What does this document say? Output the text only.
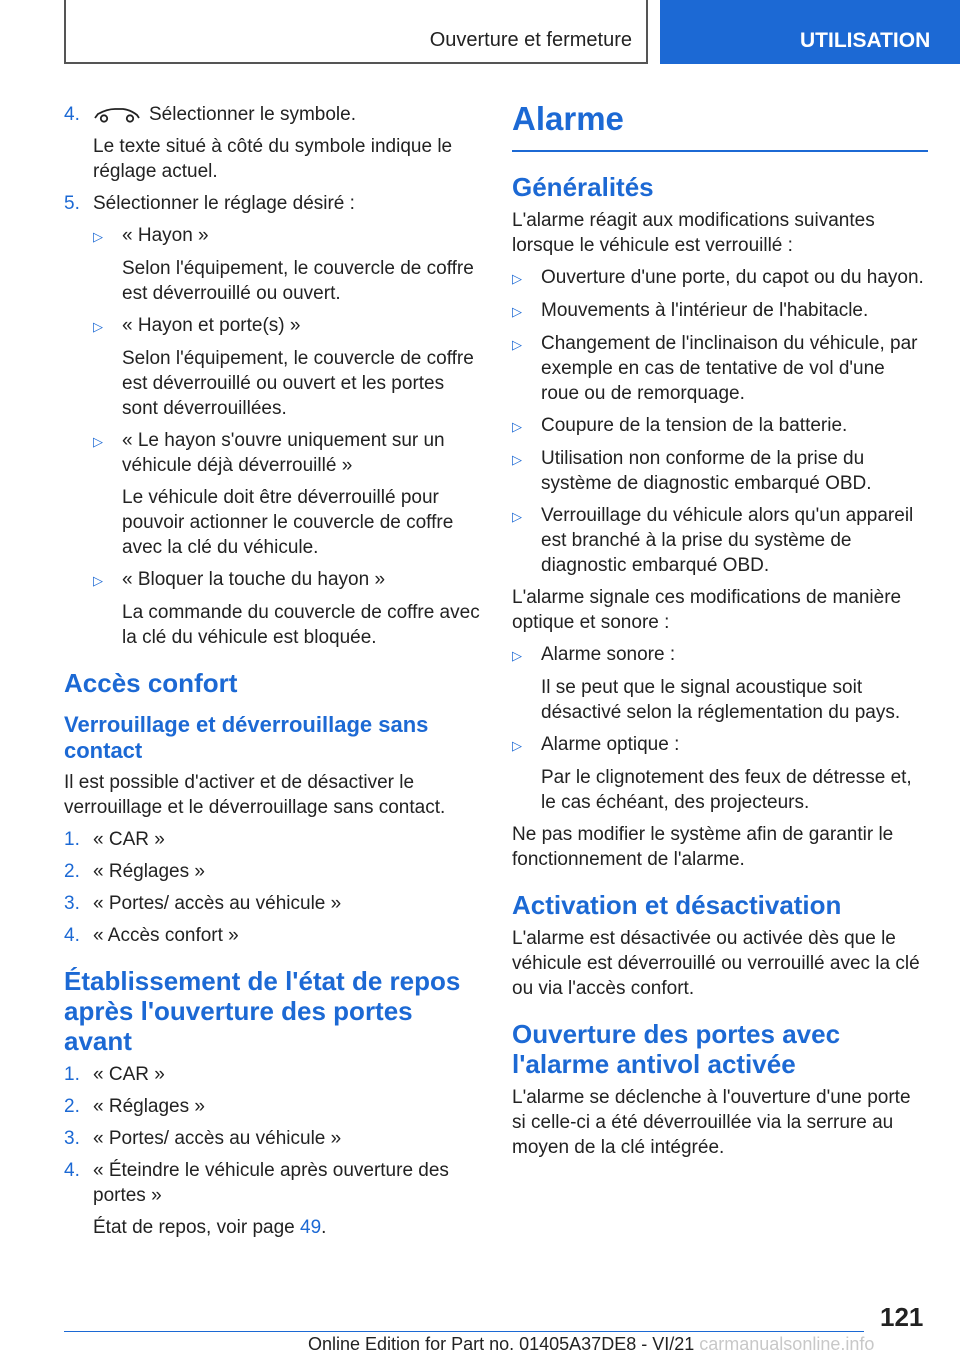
Ouverture et fermeture	UTILISATION
4.	Sélectionner le symbole.

Le texte situé à côté du symbole indique le réglage actuel.

5. Sélectionner le réglage désiré :
▷	« Hayon »

Selon l'équipement, le couvercle de coffre est déverrouillé ou ouvert.

▷	« Hayon et porte(s) »

Selon l'équipement, le couvercle de coffre est déverrouillé ou ouvert et les portes sont déverrouillées.

▷	« Le hayon s'ouvre uniquement sur un véhicule déjà déverrouillé »

Le véhicule doit être déverrouillé pour pouvoir actionner le couvercle de coffre avec la clé du véhicule.

▷	« Bloquer la touche du hayon »

La commande du couvercle de coffre avec la clé du véhicule est bloquée.

Accès confort
Verrouillage et déverrouillage sans contact

Il est possible d'activer et de désactiver le verrouillage et le déverrouillage sans contact.

1. « CAR »
2. « Réglages »
3. « Portes/ accès au véhicule »
4. « Accès confort »
Établissement de l'état de repos après l'ouverture des portes avant
1. « CAR »
2. « Réglages »
3. « Portes/ accès au véhicule »
4. « Éteindre le véhicule après ouverture des portes »

État de repos, voir page 49.

Alarme
Généralités

L'alarme réagit aux modifications suivantes lorsque le véhicule est verrouillé :

▷	Ouverture d'une porte, du capot ou du hayon.
▷	Mouvements à l'intérieur de l'habitacle.
▷	Changement de l'inclinaison du véhicule, par exemple en cas de tentative de vol d'une roue ou de remorquage.
▷	Coupure de la tension de la batterie.
▷	Utilisation non conforme de la prise du système de diagnostic embarqué OBD.
▷	Verrouillage du véhicule alors qu'un appareil est branché à la prise du système de diagnostic embarqué OBD.

L'alarme signale ces modifications de manière optique et sonore :

▷	Alarme sonore :

Il se peut que le signal acoustique soit désactivé selon la réglementation du pays.

▷	Alarme optique :

Par le clignotement des feux de détresse et, le cas échéant, des projecteurs.

Ne pas modifier le système afin de garantir le fonctionnement de l'alarme.

Activation et désactivation

L'alarme est désactivée ou activée dès que le véhicule est déverrouillé ou verrouillé avec la clé ou via l'accès confort.

Ouverture des portes avec l'alarme antivol activée

L'alarme se déclenche à l'ouverture d'une porte si celle-ci a été déverrouillée via la serrure au moyen de la clé intégrée.

121
Online Edition for Part no. 01405A37DE8 - VI/21 carmanualsonline.info
